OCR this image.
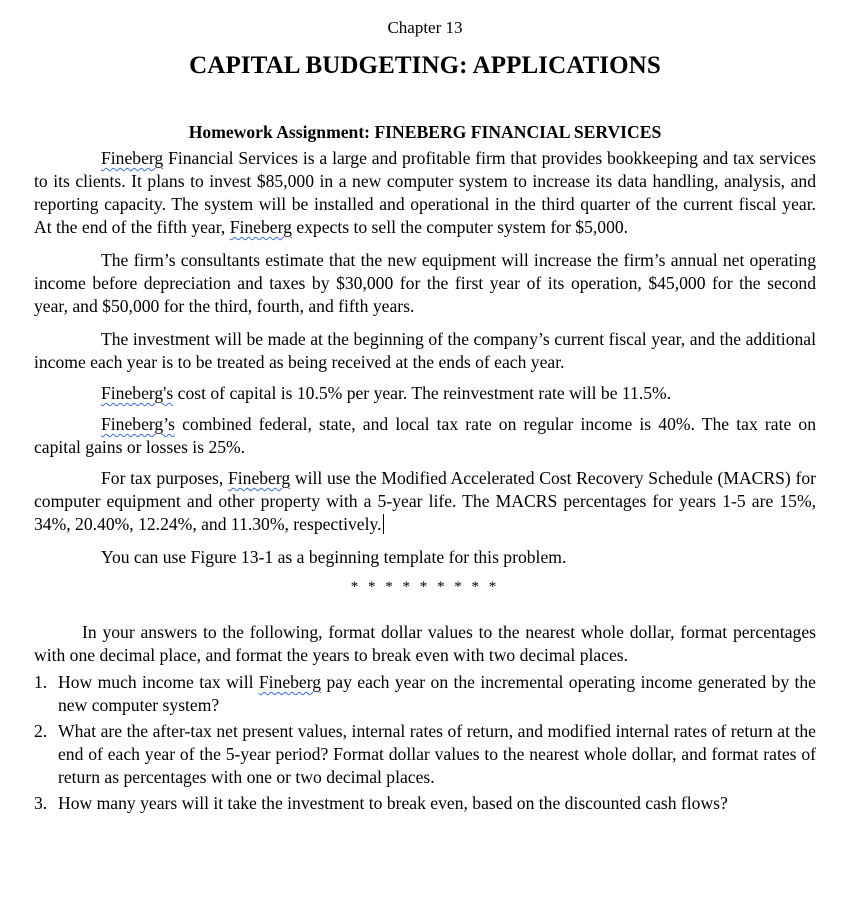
Chapter 13
CAPITAL BUDGETING: APPLICATIONS
Homework Assignment: FINEBERG FINANCIAL SERVICES

Fineberg Financial Services is a large and profitable firm that provides bookkeeping and tax services to its clients. It plans to invest $85,000 in a new computer system to increase its data handling, analysis, and reporting capacity. The system will be installed and operational in the third quarter of the current fiscal year. At the end of the fifth year, Fineberg expects to sell the computer system for $5,000.

The firm’s consultants estimate that the new equipment will increase the firm’s annual net operating income before depreciation and taxes by $30,000 for the first year of its operation, $45,000 for the second year, and $50,000 for the third, fourth, and fifth years.

The investment will be made at the beginning of the company’s current fiscal year, and the additional income each year is to be treated as being received at the ends of each year.

Fineberg's cost of capital is 10.5% per year. The reinvestment rate will be 11.5%.

Fineberg’s combined federal, state, and local tax rate on regular income is 40%. The tax rate on capital gains or losses is 25%.

For tax purposes, Fineberg will use the Modified Accelerated Cost Recovery Schedule (MACRS) for computer equipment and other property with a 5-year life. The MACRS percentages for years 1-5 are 15%, 34%, 20.40%, 12.24%, and 11.30%, respectively.

You can use Figure 13-1 as a beginning template for this problem.

* * * * * * * * *

In your answers to the following, format dollar values to the nearest whole dollar, format percentages with one decimal place, and format the years to break even with two decimal places.

1. How much income tax will Fineberg pay each year on the incremental operating income generated by the new computer system?
2. What are the after-tax net present values, internal rates of return, and modified internal rates of return at the end of each year of the 5-year period? Format dollar values to the nearest whole dollar, and format rates of return as percentages with one or two decimal places.
3. How many years will it take the investment to break even, based on the discounted cash flows?
